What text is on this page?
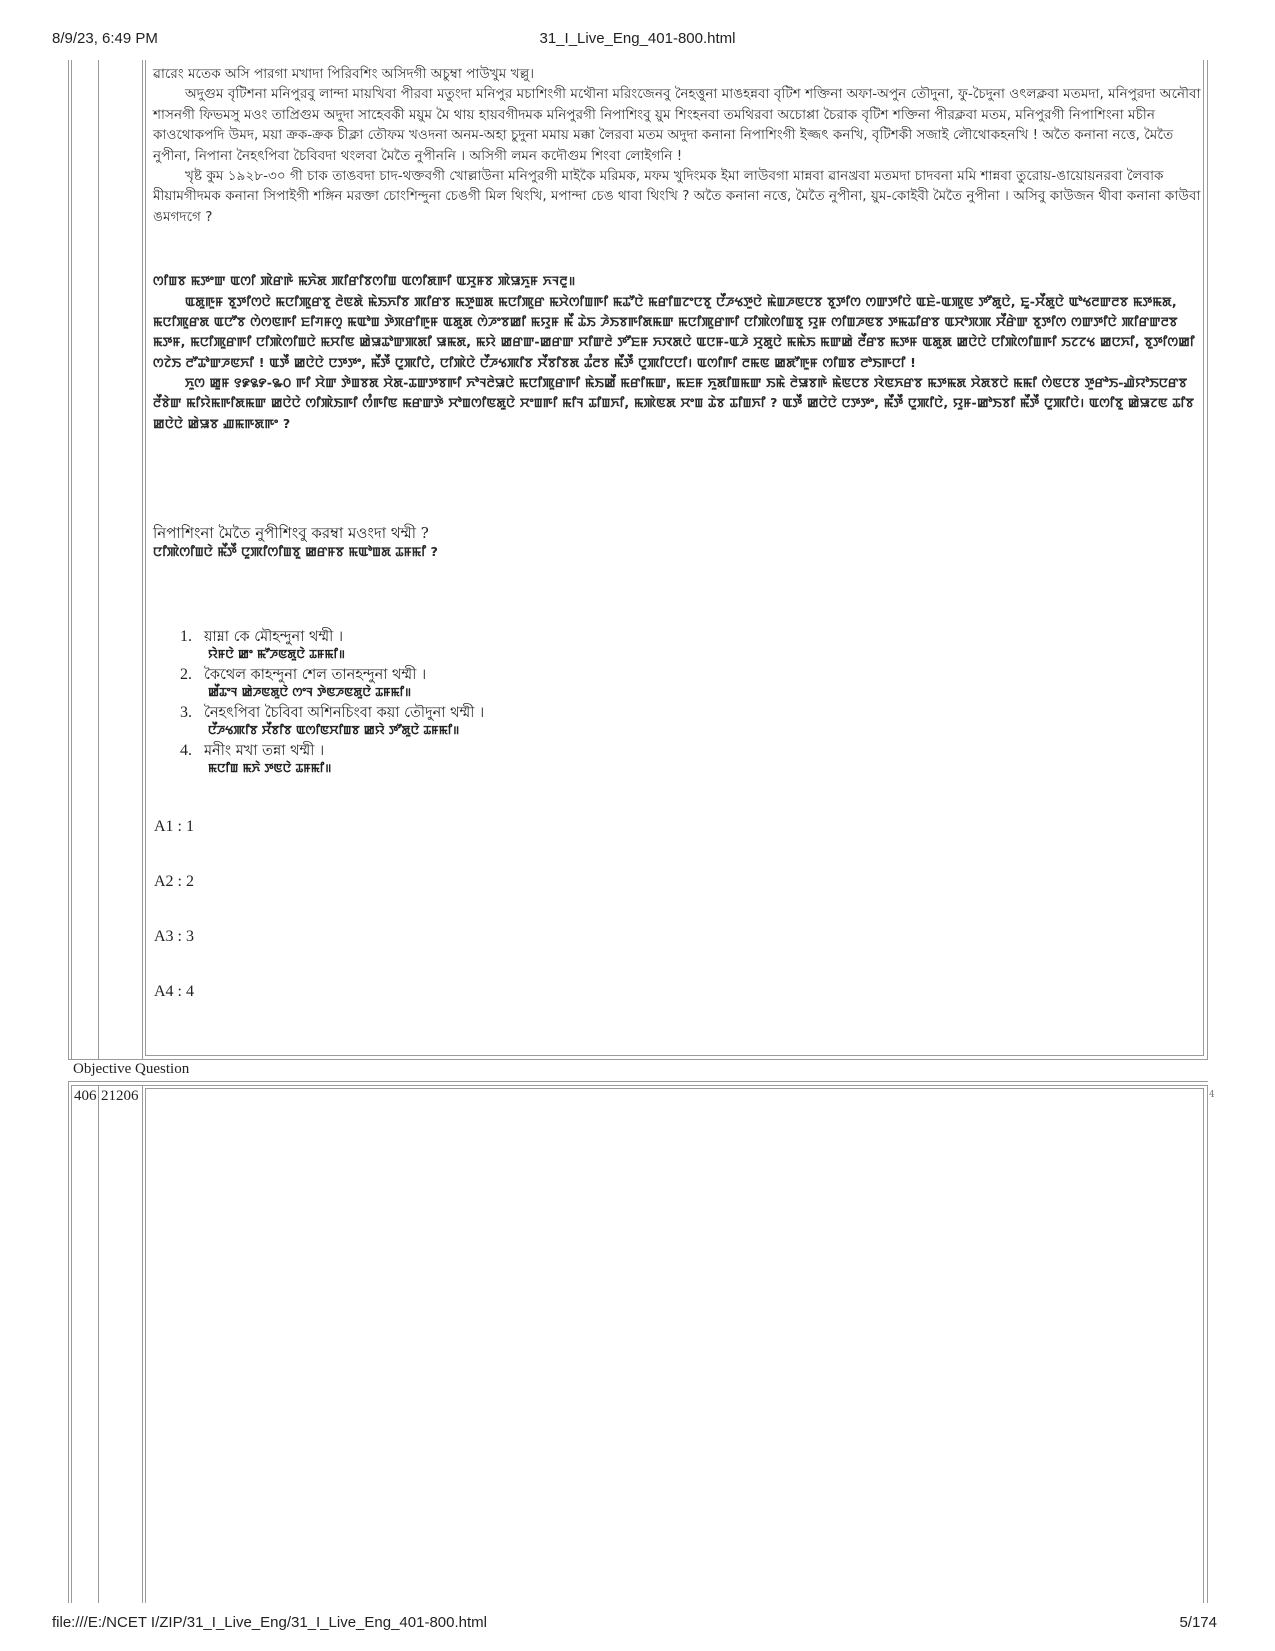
8/9/23, 6:49 PM	31_I_Live_Eng_401-800.html
file:///E:/NCET I/ZIP/31_I_Live_Eng/31_I_Live_Eng_401-800.html	5/174

ৱারেং মতেক অসি পারগা মখাদা পিরিবশিং অসিদগী অচুম্বা পাউখুম খল্লু।

অদুগুম বৃটিশনা মনিপুরবু লান্দা মায়খিবা পীরবা মতুংদা মনিপুর মচাশিংগী মথৌনা মরিংজেনবু নৈহত্তুনা মাঙহন্নবা বৃটিশ শক্তিনা অফা-অপুন তৌদুনা, ফু-চৈদুনা ওৎলক্লবা মতমদা, মনিপুরদা অনৌবা শাসনগী ফিভমসু মওং তাপ্রিগুম অদুদা সাহেবকী ময়ুম মৈ থায় হায়বগীদমক মনিপুরগী নিপাশিংবু য়ুম শিংহনবা তমথিরবা অচোপ্পা চৈরাক বৃটিশ শক্তিনা পীরক্লবা মতম, মনিপুরগী নিপাশিংনা মচীন কাওথোকপদি উমদ, ময়া ক্রক-ক্রক চীক্লা তৌফম খওদনা অনম-অহা চুদুনা মমায় মক্কা লৈরবা মতম অদুদা কনানা নিপাশিংগী ইজ্জৎ কনখি, বৃটিশকী সজাই লৌথোকহনখি ! অতৈ কনানা নত্তে, মৈতৈ নুপীনা, নিপানা নৈহৎপিবা চৈবিবদা থংলবা মৈতৈ নুপীননি । অসিগী লমন কদৌগুম শিংবা লোইগনি !

খৃষ্ট কুম ১৯২৮-৩০ গী চাক তাঙবদা চাদ-থক্তবগী খোল্লাউনা মনিপুরগী মাইকৈ মরিমক, মফম খুদিংমক ইমা লাউবগা মান্নবা ৱানখ্রবা মতমদা চাদবনা মমি শান্নবা তুরোয়-ঙায়োয়নরবা লৈবাক মীয়ামগীদমক কনানা সিপাইগী শঙ্গিন মরক্তা চোংশিন্দুনা চেঙগী মিল থিংখি, মপান্দা চেঙ থাবা থিংখি ? অতৈ কনানা নত্তে, মৈতৈ নুপীনা, য়ুম-কোইবী মৈতৈ নুপীনা । অসিবু কাউজন থীবা কনানা কাউবা ঙমগদগে ?

ꯁꯤꯡꯕ ꯃꯇꯦꯛ ꯑꯁꯤ ꯄꯥꯔꯒꯥ ꯃꯈꯥꯗ ꯄꯤꯔꯤꯕꯁꯤꯡ ꯑꯁꯤꯗꯒꯤ ꯑꯆꯨꯝꯕ ꯄꯥꯎꯈꯨꯝ ꯈꯜꯂꯨ॥

ꯑꯗꯨꯒꯨꯝ ꯕꯨꯇꯤꯁꯅꯥ ꯃꯅꯤꯄꯨꯔꯕꯨ ꯂꯥꯟꯗꯥ ꯃꯥꯏꯈꯤꯕ ꯄꯤꯔꯕ ꯃꯇꯨꯡꯗ ꯃꯅꯤꯄꯨꯔ ꯃꯆꯥꯁꯤꯡꯒꯤ ꯃꯊꯧꯅꯥ ꯃꯔꯤꯡꯖꯦꯅꯕꯨ ꯅꯩꯍꯠꯇꯨꯅꯥ ꯃꯥꯡꯍꯟꯅꯕ ꯕꯨꯇꯤꯁ ꯁꯛꯇꯤꯅꯥ ꯑꯐꯥ-ꯑꯄꯨꯟ ꯇꯧꯗꯨꯅꯥ, ꯐꯨ-ꯆꯩꯗꯨꯅꯥ ꯑꯣꯠꯂꯛꯂꯕ ꯃꯇꯃꯗ, ꯃꯅꯤꯄꯨꯔꯗ ꯑꯅꯧꯕ ꯁꯥꯁꯟꯒꯤ ꯐꯤꯚꯝꯁꯨ ꯃꯑꯣꯡ ꯇꯥꯞꯔꯤꯒꯨꯝ ꯑꯗꯨꯗ ꯁꯥꯍꯦꯕꯀꯤ ꯃꯌꯨꯝ ꯃꯩ ꯊꯥꯏ ꯍꯥꯏꯕꯒꯤꯗꯃꯛ ꯃꯅꯤꯄꯨꯔꯒꯤ ꯅꯤꯄꯥꯁꯤꯡꯕꯨ ꯌꯨꯝ ꯁꯤꯡꯍꯟꯕ ꯇꯃꯊꯤꯔꯕ ꯑꯆꯣꯞꯄ ꯆꯩꯔꯥꯛ ꯕꯨꯇꯤꯁ ꯁꯛꯇꯤꯅꯥ ꯄꯤꯔꯛꯂꯕ ꯃꯇꯝ, ꯃꯅꯤꯄꯨꯔꯒꯤ ꯅꯤꯄꯥꯁꯤꯡꯅꯥ ꯃꯆꯤꯟ ꯀꯥꯎꯊꯣꯛꯄꯗꯤ ꯎꯃꯗ, ꯃꯌꯥ ꯀꯔꯛ-ꯀꯔꯛ ꯆꯤꯛꯂꯥ ꯇꯧꯐꯝ ꯈꯋꯗꯅꯥ ꯑꯅꯝ-ꯑꯍꯥ ꯆꯨꯗꯨꯅꯥ ꯃꯃꯥꯏ ꯃꯛꯀꯥ ꯂꯩꯔꯕ ꯃꯇꯝ ꯑꯗꯨꯗ ꯀꯅꯥꯅꯥ ꯅꯤꯄꯥꯁꯤꯡꯒꯤ ꯏꯖꯖꯠ ꯀꯅꯈꯤ, ꯕꯨꯇꯤꯁꯀꯤ ꯁꯖꯥꯏ ꯂꯧꯊꯣꯛꯍꯟꯈꯤ ! ꯑꯇꯩ ꯀꯅꯥꯅꯥ ꯅꯇꯇꯦ, ꯃꯩꯇꯩ ꯅꯨꯄꯤꯅꯥ, ꯅꯤꯄꯥꯅꯥ ꯅꯩꯍꯠꯄꯤꯕ ꯆꯩꯕꯤꯕꯗ ꯊꯪꯂꯕ ꯃꯩꯇꯩ ꯅꯨꯄꯤꯅꯅꯤ। ꯑꯁꯤꯒꯤ ꯂꯃꯟ ꯀꯗꯧꯒꯨꯝ ꯁꯤꯡꯕ ꯂꯣꯏꯒꯅꯤ !

ꯈꯨꯁ ꯀꯨꯝ ꯱꯹꯲꯸-꯳꯰ ꯒꯤ ꯆꯥꯛ ꯇꯥꯡꯕꯗ ꯆꯥꯗ-ꯊꯛꯇꯕꯒꯤ ꯈꯣꯜꯂꯥꯎꯅꯥ ꯃꯅꯤꯄꯨꯔꯒꯤ ꯃꯥꯏꯀꯩ ꯃꯔꯤꯃꯛ, ꯃꯐꯝ ꯈꯨꯗꯤꯡꯃꯛ ꯏꯃꯥ ꯂꯥꯎꯕꯒꯥ ꯃꯥꯟꯅꯕ ꯋꯥꯟꯈꯔꯕ ꯃꯇꯃꯗ ꯆꯥꯗꯕꯅꯥ ꯃꯃꯤ ꯁꯥꯟꯅꯕ ꯇꯨꯔꯣꯏ-ꯉꯥꯌꯣꯏꯅꯔꯕ ꯂꯩꯕꯥꯛ ꯃꯤꯌꯥꯃꯒꯤꯗꯃꯛ ꯀꯅꯥꯅꯥ ꯁꯤꯄꯥꯏꯒꯤ ꯁꯪꯒꯤꯟ ꯃꯔꯛꯇꯥ ꯆꯣꯡꯁꯤꯟꯗꯨꯅꯥ ꯆꯦꯡꯒꯤ ꯃꯤꯜ ꯊꯤꯡꯈꯤ, ꯃꯄꯥꯟꯗ ꯆꯦꯡ ꯊꯥꯕ ꯊꯤꯡꯈꯤ ? ꯑꯇꯩ ꯀꯅꯥꯅꯥ ꯅꯇꯇꯦ, ꯃꯩꯇꯩ ꯅꯨꯄꯤꯅꯥ, ꯌꯨꯝ-ꯀꯣꯏꯕꯤ ꯃꯩꯇꯩ ꯅꯨꯄꯤꯅꯥ। ꯑꯁꯤꯕꯨ ꯀꯥꯎꯖꯟ ꯊꯤꯕ ꯀꯅꯥꯅꯥ ꯀꯥꯎꯕ ꯉꯃꯒꯗꯒꯦ ?

নিপাশিংনা মৈতৈ নুপীশিংবু করম্বা মওংদা থম্মী ?
ꯅꯤꯄꯥꯁꯤꯡꯅꯥ ꯃꯩꯇꯩ ꯅꯨꯄꯤꯁꯤꯡꯕꯨ ꯀꯔꯝꯕ ꯃꯑꯣꯡꯗ ꯊꯝꯃꯤ ?
1. য়াম্না কে মৌহন্দুনা থম্মী ।
ꯌꯥꯝꯅꯥ ꯀꯦ ꯃꯧꯍꯟꯗꯨꯅꯥ ꯊꯝꯃꯤ॥
2. কৈথেল কাহন্দুনা শেল তানহন্দুনা থম্মী ।
ꯀꯩꯊꯦꯜ ꯀꯥꯍꯟꯗꯨꯅꯥ ꯁꯦꯜ ꯇꯥꯟꯍꯟꯗꯨꯅꯥ ꯊꯝꯃꯤ॥
3. নৈহৎপিবা চৈবিবা অশিনচিংবা কয়া তৌদুনা থম্মী ।
ꯅꯩꯍꯠꯄꯤꯕ ꯆꯩꯕꯤꯕ ꯑꯁꯤꯟꯆꯤꯡꯕ ꯀꯌꯥ ꯇꯧꯗꯨꯅꯥ ꯊꯝꯃꯤ॥
4. মনীং মখা তন্না থম্মী ।
ꯃꯅꯤꯡ ꯃꯈꯥ ꯇꯟꯅꯥ ꯊꯝꯃꯤ॥
A1 : 1
A2 : 2
A3 : 3
A4 : 4
Objective Question
406 21206	4
